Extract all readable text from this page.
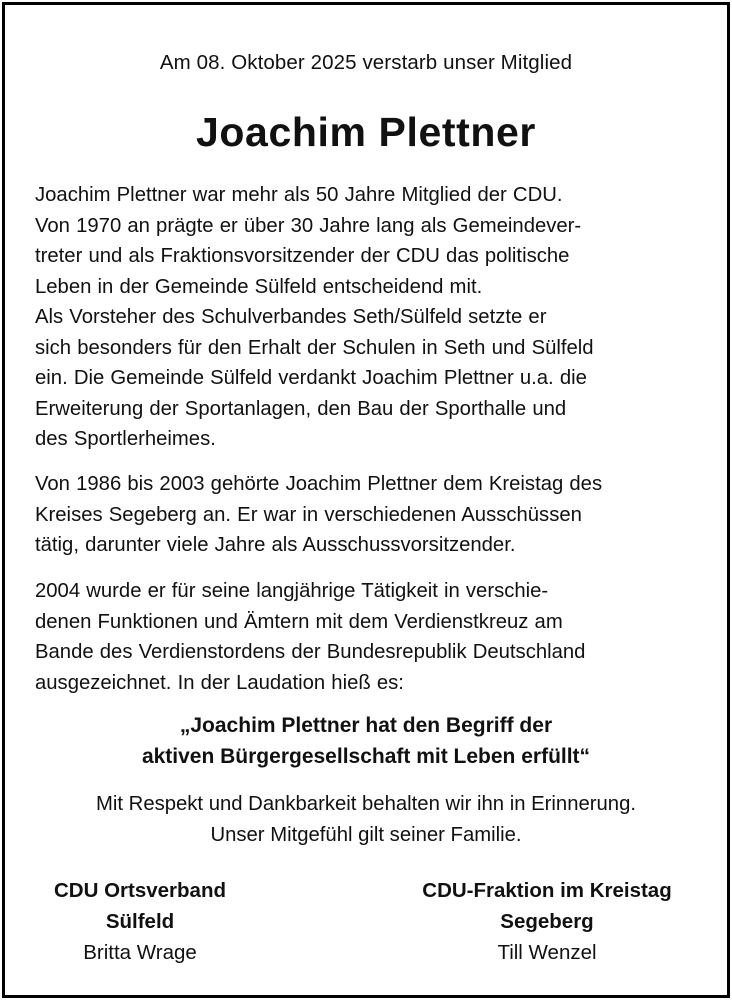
Am 08. Oktober 2025 verstarb unser Mitglied
Joachim Plettner

Joachim Plettner war mehr als 50 Jahre Mitglied der CDU.
Von 1970 an prägte er über 30 Jahre lang als Gemeindever-
treter und als Fraktionsvorsitzender der CDU das politische
Leben in der Gemeinde Sülfeld entscheidend mit.
Als Vorsteher des Schulverbandes Seth/Sülfeld setzte er
sich besonders für den Erhalt der Schulen in Seth und Sülfeld
ein. Die Gemeinde Sülfeld verdankt Joachim Plettner u.a. die
Erweiterung der Sportanlagen, den Bau der Sporthalle und
des Sportlerheimes.

Von 1986 bis 2003 gehörte Joachim Plettner dem Kreistag des
Kreises Segeberg an. Er war in verschiedenen Ausschüssen
tätig, darunter viele Jahre als Ausschussvorsitzender.

2004 wurde er für seine langjährige Tätigkeit in verschie-
denen Funktionen und Ämtern mit dem Verdienstkreuz am
Bande des Verdienstordens der Bundesrepublik Deutschland
ausgezeichnet. In der Laudation hieß es:

„Joachim Plettner hat den Begriff der
aktiven Bürgergesellschaft mit Leben erfüllt“
Mit Respekt und Dankbarkeit behalten wir ihn in Erinnerung.
Unser Mitgefühl gilt seiner Familie.
CDU Ortsverband
Sülfeld
Britta Wrage
CDU-Fraktion im Kreistag
Segeberg
Till Wenzel
